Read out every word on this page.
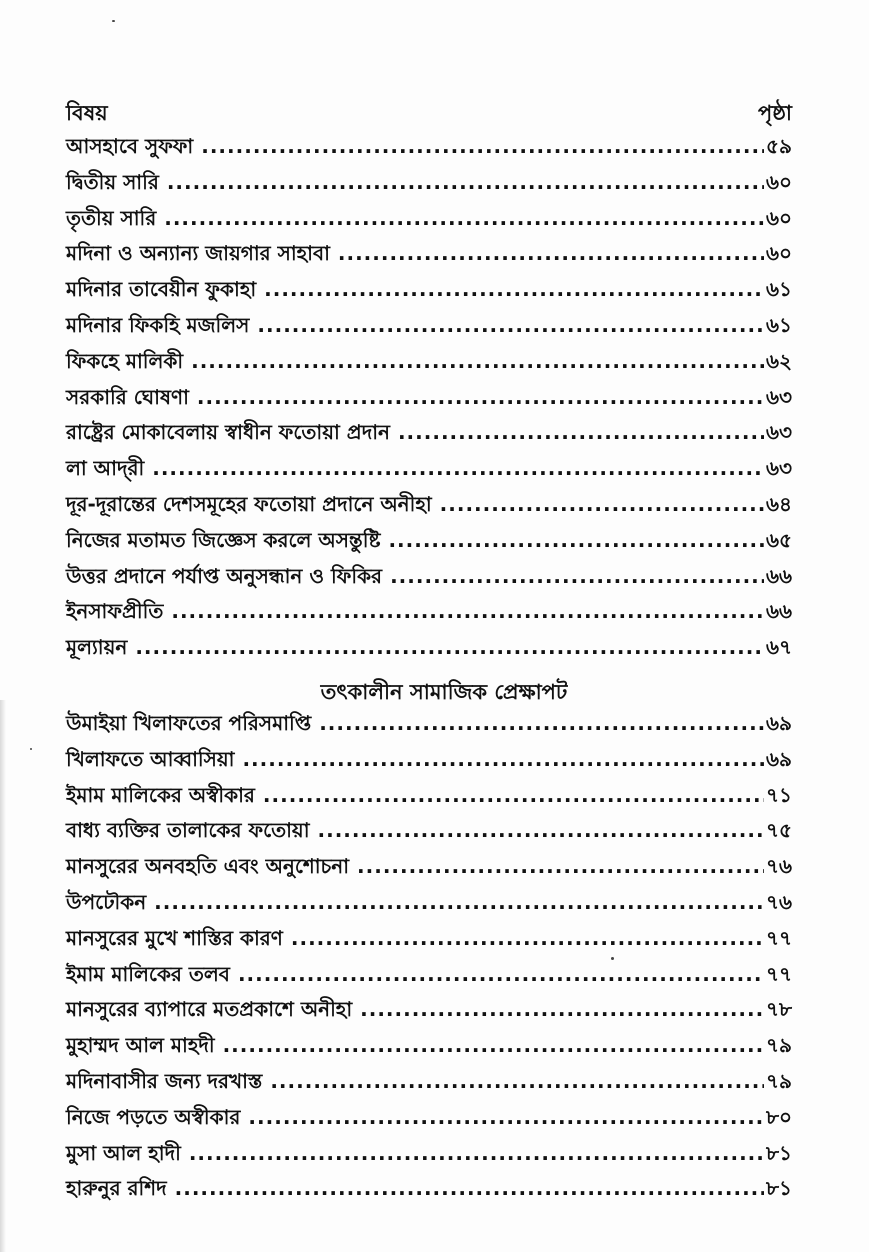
বিষয়	পৃষ্ঠা
আসহাবে সুফফা .....	৫৯
দ্বিতীয় সারি .....	৬০
তৃতীয় সারি .....	৬০
মদিনা ও অন্যান্য জায়গার সাহাবা .....	৬০
মদিনার তাবেয়ীন ফুকাহা .....	৬১
মদিনার ফিকহি মজলিস .....	৬১
ফিকহে মালিকী .....	৬২
সরকারি ঘোষণা .....	৬৩
রাষ্ট্রের মোকাবেলায় স্বাধীন ফতোয়া প্রদান .....	৬৩
লা আদ্‌রী .....	৬৩
দূর-দূরান্তের দেশসমূহের ফতোয়া প্রদানে অনীহা .....	৬৪
নিজের মতামত জিজ্ঞেস করলে অসন্তুষ্টি .....	৬৫
উত্তর প্রদানে পর্যাপ্ত অনুসন্ধান ও ফিকির .....	৬৬
ইনসাফপ্রীতি .....	৬৬
মূল্যায়ন .....	৬৭
তৎকালীন সামাজিক প্রেক্ষাপট
উমাইয়া খিলাফতের পরিসমাপ্তি .....	৬৯
খিলাফতে আব্বাসিয়া .....	৬৯
ইমাম মালিকের অস্বীকার .....	৭১
বাধ্য ব্যক্তির তালাকের ফতোয়া .....	৭৫
মানসুরের অনবহতি এবং অনুশোচনা .....	৭৬
উপঢৌকন .....	৭৬
মানসুরের মুখে শাস্তির কারণ .....	৭৭
ইমাম মালিকের তলব .....	৭৭
মানসুরের ব্যাপারে মতপ্রকাশে অনীহা .....	৭৮
মুহাম্মদ আল মাহদী .....	৭৯
মদিনাবাসীর জন্য দরখাস্ত .....	৭৯
নিজে পড়তে অস্বীকার .....	৮০
মুসা আল হাদী .....	৮১
হারুনুর রশিদ .....	৮১
